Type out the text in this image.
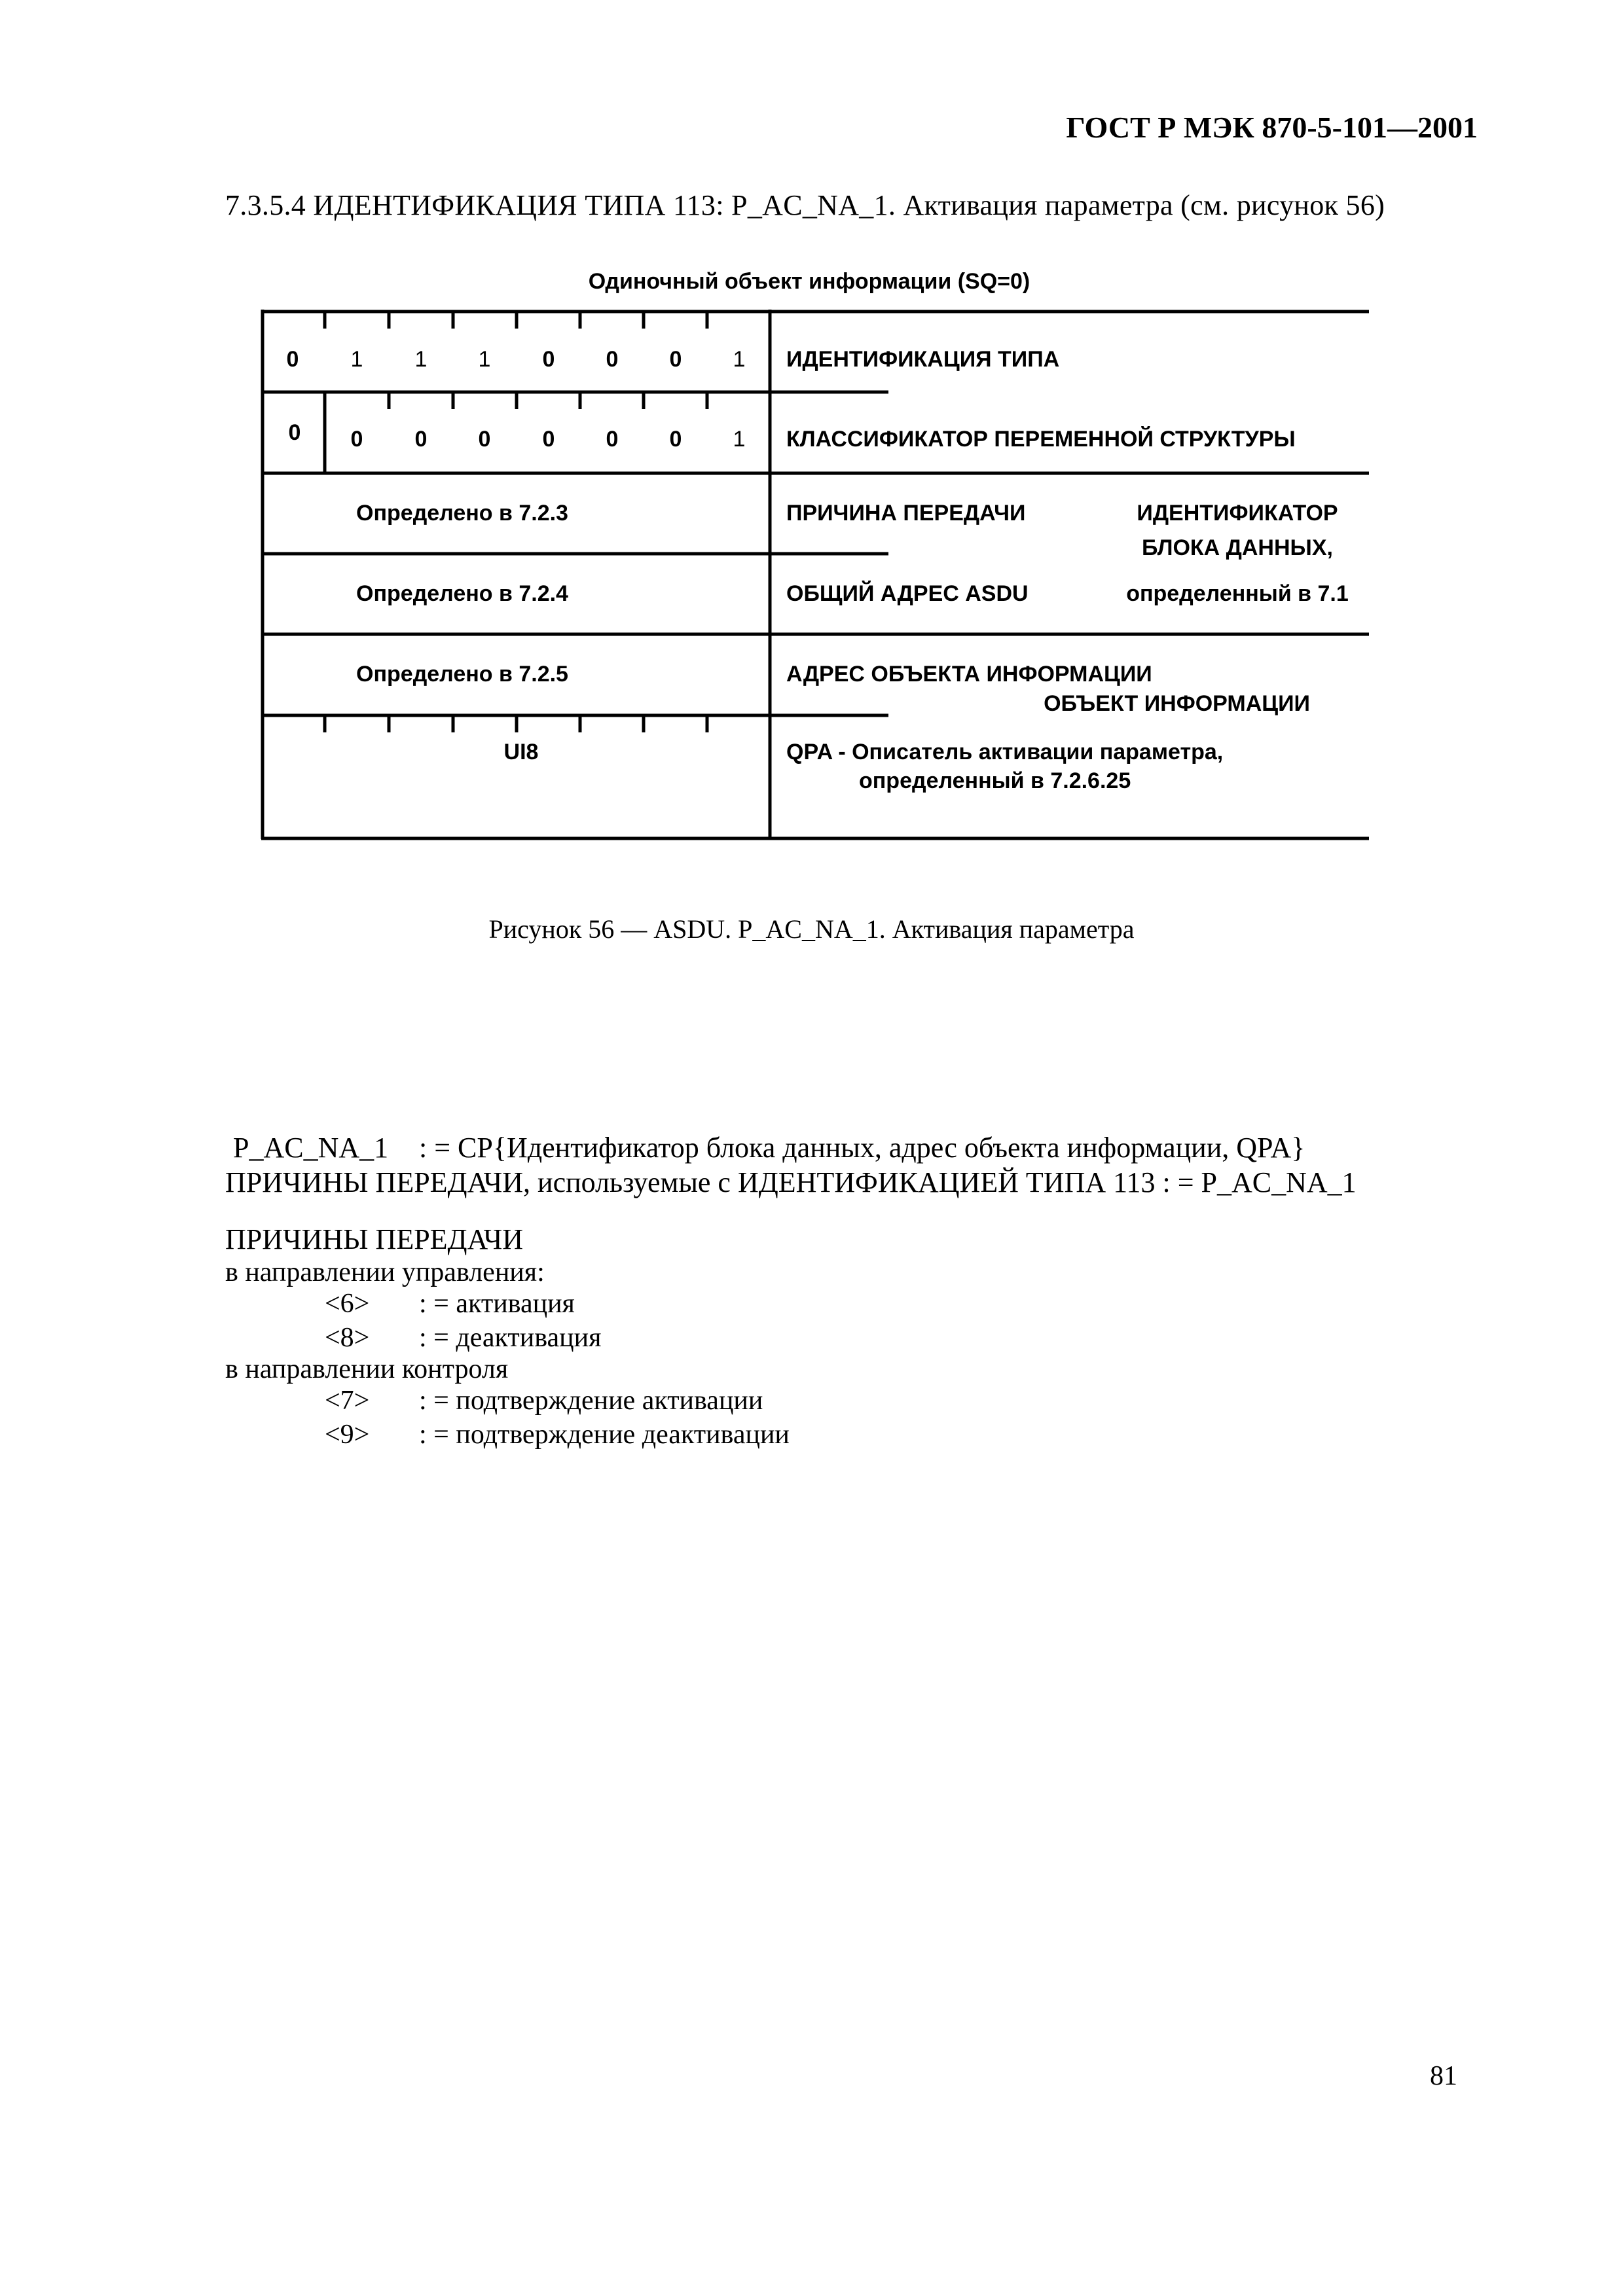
ГОСТ Р МЭК 870-5-101—2001
7.3.5.4 ИДЕНТИФИКАЦИЯ ТИПА 113: P_AC_NA_1. Активация параметра (см. рисунок 56)
Одиночный объект информации (SQ=0)
0 1 1 1 0 0 0 1 ИДЕНТИФИКАЦИЯ ТИПА
0 0 0 0 0 0 0 1 КЛАССИФИКАТОР ПЕРЕМЕННОЙ СТРУКТУРЫ
Определено в 7.2.3	ПРИЧИНА ПЕРЕДАЧИ	ИДЕНТИФИКАТОР
БЛОКА ДАННЫХ,
Определено в 7.2.4	ОБЩИЙ АДРЕС ASDU	определенный в 7.1
Определено в 7.2.5	АДРЕС ОБЪЕКТА ИНФОРМАЦИИ
ОБЪЕКТ ИНФОРМАЦИИ
UI8	QPA - Описатель активации параметра,
определенный в 7.2.6.25
Рисунок 56 — ASDU. P_AC_NA_1. Активация параметра
P_AC_NA_1 : = CP{Идентификатор блока данных, адрес объекта информации, QPA}
ПРИЧИНЫ ПЕРЕДАЧИ, используемые с ИДЕНТИФИКАЦИЕЙ ТИПА 113 : = P_AC_NA_1
ПРИЧИНЫ ПЕРЕДАЧИ
в направлении управления:
<6> : = активация
<8> : = деактивация
в направлении контроля
<7> : = подтверждение активации
<9> : = подтверждение деактивации
81
